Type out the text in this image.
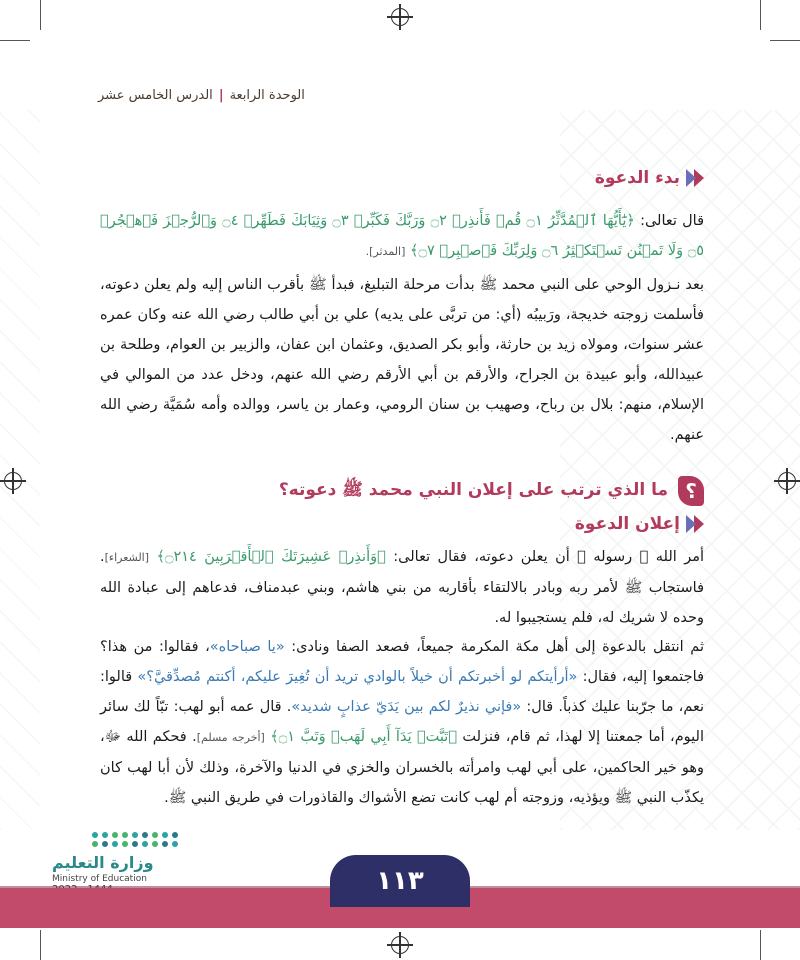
الوحدة الرابعة
|
الدرس الخامس عشر
بدء الدعوة

قال تعالى: ﴿يَٰٓأَيُّهَا ٱلۡمُدَّثِّرُ ۝١ قُمۡ فَأَنذِرۡ ۝٢ وَرَبَّكَ فَكَبِّرۡ ۝٣ وَثِيَابَكَ فَطَهِّرۡ ۝٤ وَٱلرُّجۡزَ فَٱهۡجُرۡ ۝٥ وَلَا تَمۡنُن تَسۡتَكۡثِرُ ۝٦ وَلِرَبِّكَ فَٱصۡبِرۡ ۝٧﴾ [المدثر].

بعد نـزول الوحي على النبي محمد ﷺ بدأت مرحلة التبليغ، فبدأ ﷺ بأقرب الناس إليه ولم يعلن دعوته، فأسلمت زوجته خديجة، ورَبيبُه (أي: من تربَّى على يديه) علي بن أبي طالب رضي الله عنه وكان عمره عشر سنوات، ومولاه زيد بن حارثة، وأبو بكر الصديق، وعثمان ابن عفان، والزبير بن العوام، وطلحة بن عبيدالله، وأبو عبيدة بن الجراح، والأرقم بن أبي الأرقم رضي الله عنهم، ودخل عدد من الموالي في الإسلام، منهم: بلال بن رباح، وصهيب بن سنان الرومي، وعمار بن ياسر، ووالده وأمه سُمَيَّة رضي الله عنهم.

؟
ما الذي ترتب على إعلان النبي محمد ﷺ دعوته؟
إعلان الدعوة

أمر الله ﷻ رسوله ﷺ أن يعلن دعوته، فقال تعالى: ﴿وَأَنذِرۡ عَشِيرَتَكَ ٱلۡأَقۡرَبِينَ ۝٢١٤﴾ [الشعراء]. فاستجاب ﷺ لأمر ربه وبادر بالالتقاء بأقاربه من بني هاشم، وبني عبدمناف، فدعاهم إلى عبادة الله وحده لا شريك له، فلم يستجيبوا له.

ثم انتقل بالدعوة إلى أهل مكة المكرمة جميعاً، فصعد الصفا ونادى: «يا صباحاه»، فقالوا: من هذا؟ فاجتمعوا إليه، فقال: «أرأيتكم لو أخبرتكم أن خيلاً بالوادي تريد أن تُغِيرَ عليكم، أكنتم مُصدِّقيَّ؟» قالوا: نعم، ما جرّبنا عليك كذباً. قال: «فإني نذيرٌ لكم بين يَدَيّ عذابٍ شديد». قال عمه أبو لهب: تبّاً لك سائر اليوم، أما جمعتنا إلا لهذا، ثم قام، فنزلت ﴿تَبَّتۡ يَدَآ أَبِي لَهَبٖ وَتَبَّ ۝١﴾ [أخرجه مسلم]. فحكم الله ﷻ، وهو خير الحاكمين، على أبي لهب وامرأته بالخسران والخزي في الدنيا والآخرة، وذلك لأن أبا لهب كان يكذّب النبي ﷺ ويؤذيه، وزوجته أم لهب كانت تضع الأشواك والقاذورات في طريق النبي ﷺ.

وزارة التعليم
Ministry of Education	١١٣
